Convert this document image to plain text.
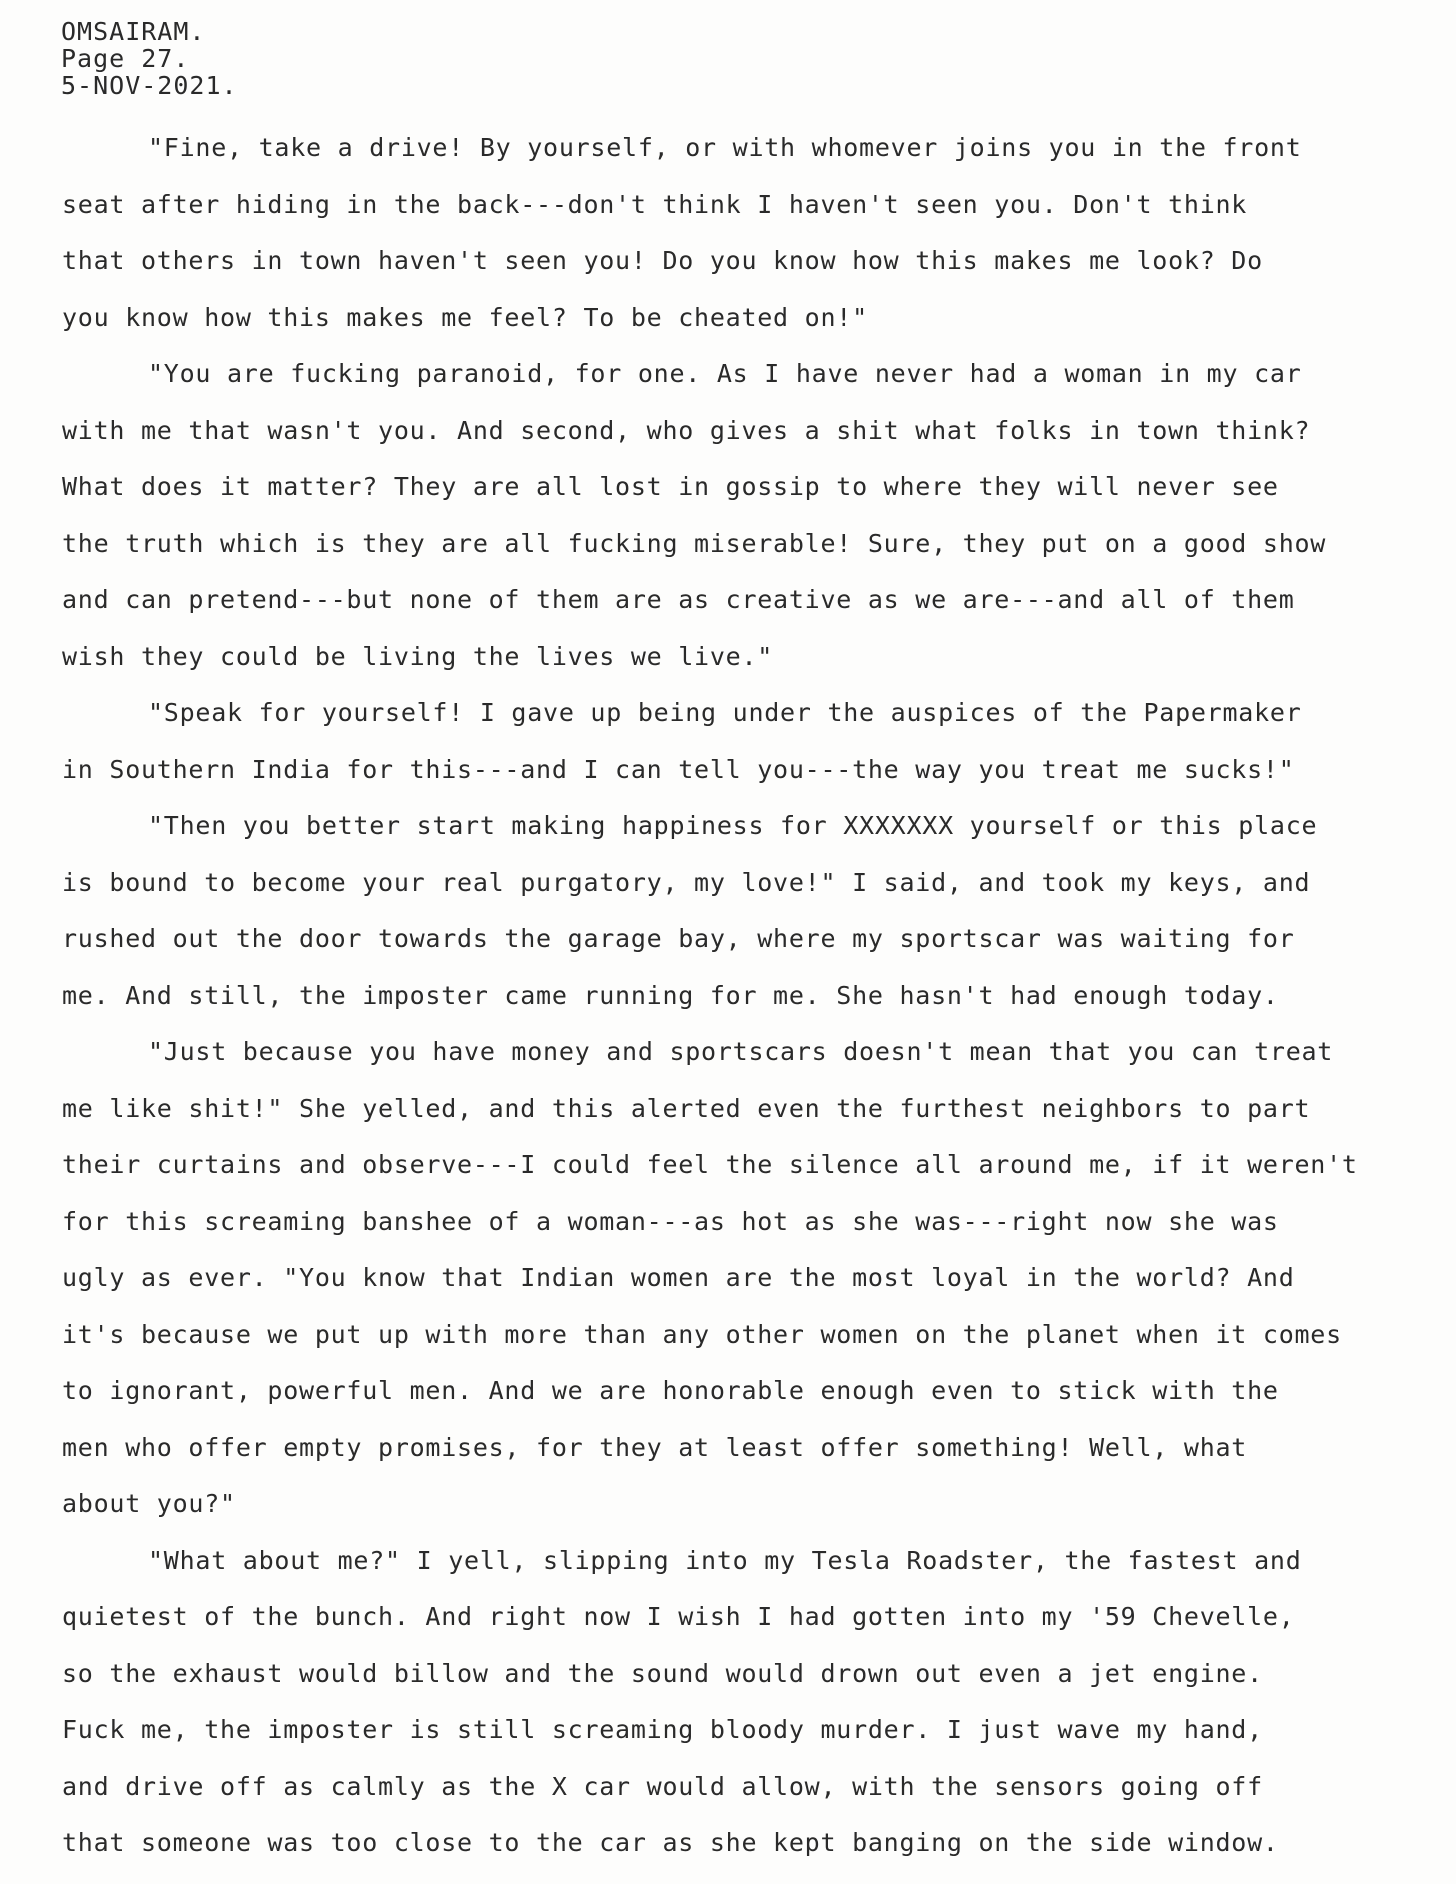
OMSAIRAM.
Page 27.
5-NOV-2021.
"Fine, take a drive! By yourself, or with whomever joins you in the front
seat after hiding in the back---don't think I haven't seen you. Don't think
that others in town haven't seen you! Do you know how this makes me look? Do
you know how this makes me feel? To be cheated on!"
"You are fucking paranoid, for one. As I have never had a woman in my car
with me that wasn't you. And second, who gives a shit what folks in town think?
What does it matter? They are all lost in gossip to where they will never see
the truth which is they are all fucking miserable! Sure, they put on a good show
and can pretend---but none of them are as creative as we are---and all of them
wish they could be living the lives we live."
"Speak for yourself! I gave up being under the auspices of the Papermaker
in Southern India for this---and I can tell you---the way you treat me sucks!"
"Then you better start making happiness for XXXXXXX yourself or this place
is bound to become your real purgatory, my love!" I said, and took my keys, and
rushed out the door towards the garage bay, where my sportscar was waiting for
me. And still, the imposter came running for me. She hasn't had enough today.
"Just because you have money and sportscars doesn't mean that you can treat
me like shit!" She yelled, and this alerted even the furthest neighbors to part
their curtains and observe---I could feel the silence all around me, if it weren't
for this screaming banshee of a woman---as hot as she was---right now she was
ugly as ever. "You know that Indian women are the most loyal in the world? And
it's because we put up with more than any other women on the planet when it comes
to ignorant, powerful men. And we are honorable enough even to stick with the
men who offer empty promises, for they at least offer something! Well, what
about you?"
"What about me?" I yell, slipping into my Tesla Roadster, the fastest and
quietest of the bunch. And right now I wish I had gotten into my '59 Chevelle,
so the exhaust would billow and the sound would drown out even a jet engine.
Fuck me, the imposter is still screaming bloody murder. I just wave my hand,
and drive off as calmly as the X car would allow, with the sensors going off
that someone was too close to the car as she kept banging on the side window.
